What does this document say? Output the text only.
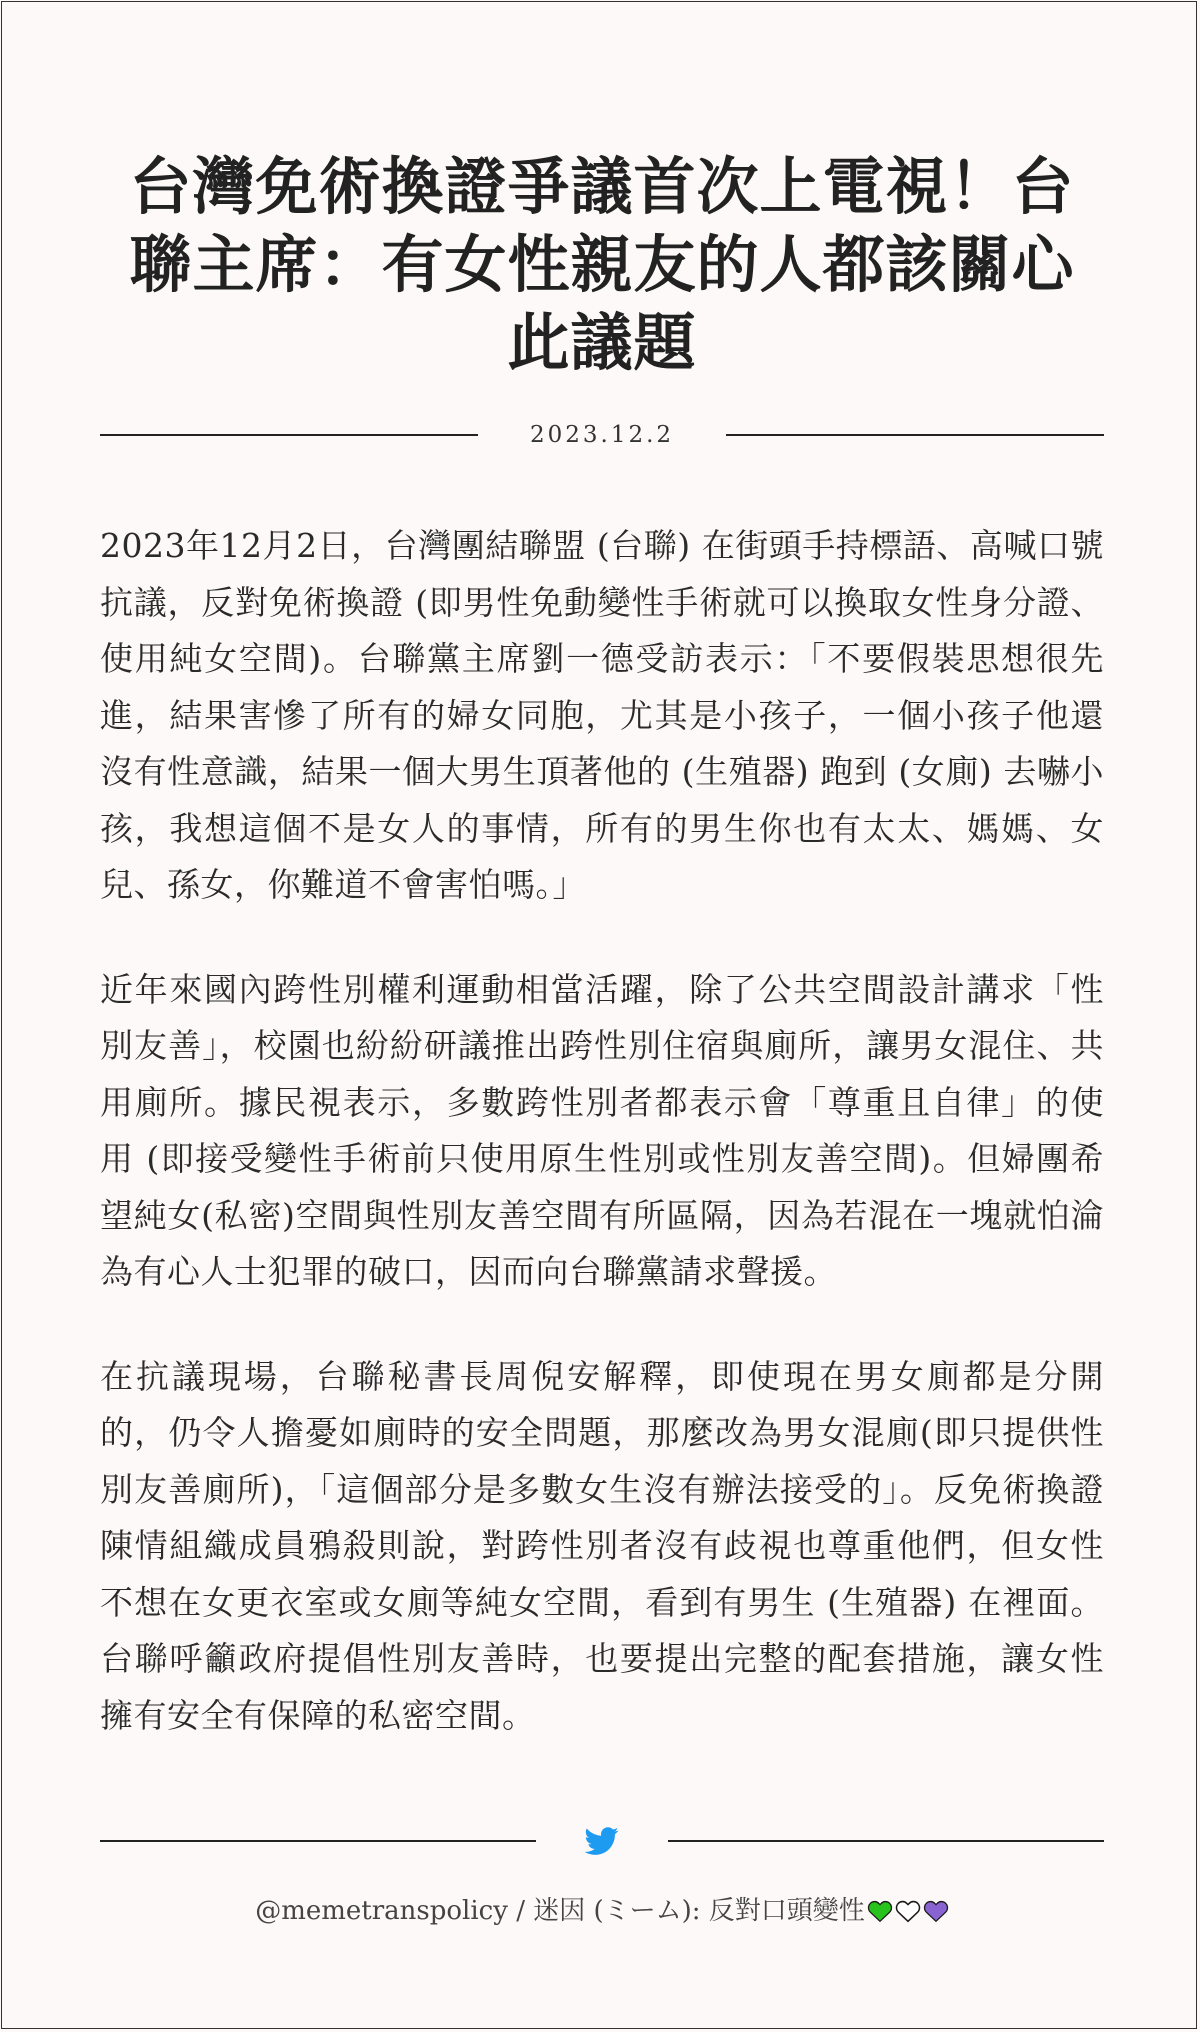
台灣免術換證爭議首次上電視！台聯主席：有女性親友的人都該關心此議題
2023.12.2

2023年12月2日，台灣團結聯盟 (台聯) 在街頭手持標語、高喊口號抗議，反對免術換證 (即男性免動變性手術就可以換取女性身分證、使用純女空間)。台聯黨主席劉一德受訪表示：「不要假裝思想很先進，結果害慘了所有的婦女同胞，尤其是小孩子，一個小孩子他還沒有性意識，結果一個大男生頂著他的 (生殖器) 跑到 (女廁) 去嚇小孩，我想這個不是女人的事情，所有的男生你也有太太、媽媽、女兒、孫女，你難道不會害怕嗎。」

近年來國內跨性別權利運動相當活躍，除了公共空間設計講求「性別友善」，校園也紛紛研議推出跨性別住宿與廁所，讓男女混住、共用廁所。據民視表示，多數跨性別者都表示會「尊重且自律」的使用 (即接受變性手術前只使用原生性別或性別友善空間)。但婦團希望純女(私密)空間與性別友善空間有所區隔，因為若混在一塊就怕淪為有心人士犯罪的破口，因而向台聯黨請求聲援。

在抗議現場，台聯秘書長周倪安解釋，即使現在男女廁都是分開的，仍令人擔憂如廁時的安全問題，那麼改為男女混廁(即只提供性別友善廁所)，「這個部分是多數女生沒有辦法接受的」。反免術換證陳情組織成員鴉殺則說，對跨性別者沒有歧視也尊重他們，但女性不想在女更衣室或女廁等純女空間，看到有男生 (生殖器) 在裡面。台聯呼籲政府提倡性別友善時，也要提出完整的配套措施，讓女性擁有安全有保障的私密空間。

@memetranspolicy / 迷因 (ミーム): 反對口頭變性
